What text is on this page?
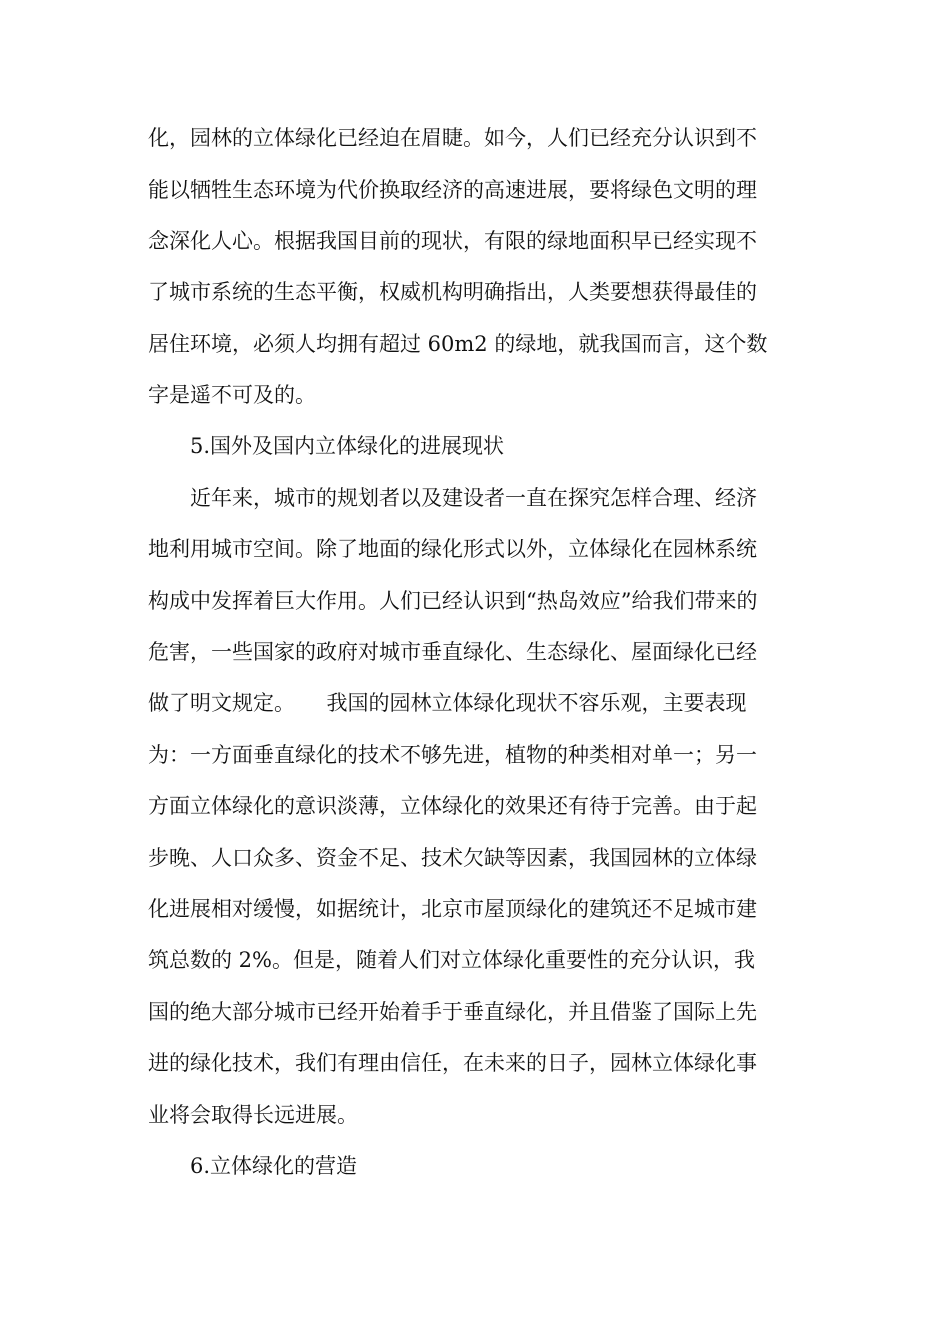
化，园林的立体绿化已经迫在眉睫。如今，人们已经充分认识到不
能以牺牲生态环境为代价换取经济的高速进展，要将绿色文明的理
念深化人心。根据我国目前的现状，有限的绿地面积早已经实现不
了城市系统的生态平衡，权威机构明确指出，人类要想获得最佳的
居住环境，必须人均拥有超过 60m2 的绿地，就我国而言，这个数
字是遥不可及的。
5.国外及国内立体绿化的进展现状
近年来，城市的规划者以及建设者一直在探究怎样合理、经济
地利用城市空间。除了地面的绿化形式以外，立体绿化在园林系统
构成中发挥着巨大作用。人们已经认识到“热岛效应”给我们带来的
危害，一些国家的政府对城市垂直绿化、生态绿化、屋面绿化已经
做了明文规定。　　我国的园林立体绿化现状不容乐观，主要表现
为：一方面垂直绿化的技术不够先进，植物的种类相对单一；另一
方面立体绿化的意识淡薄，立体绿化的效果还有待于完善。由于起
步晚、人口众多、资金不足、技术欠缺等因素，我国园林的立体绿
化进展相对缓慢，如据统计，北京市屋顶绿化的建筑还不足城市建
筑总数的 2%。但是，随着人们对立体绿化重要性的充分认识，我
国的绝大部分城市已经开始着手于垂直绿化，并且借鉴了国际上先
进的绿化技术，我们有理由信任，在未来的日子，园林立体绿化事
业将会取得长远进展。
6.立体绿化的营造
